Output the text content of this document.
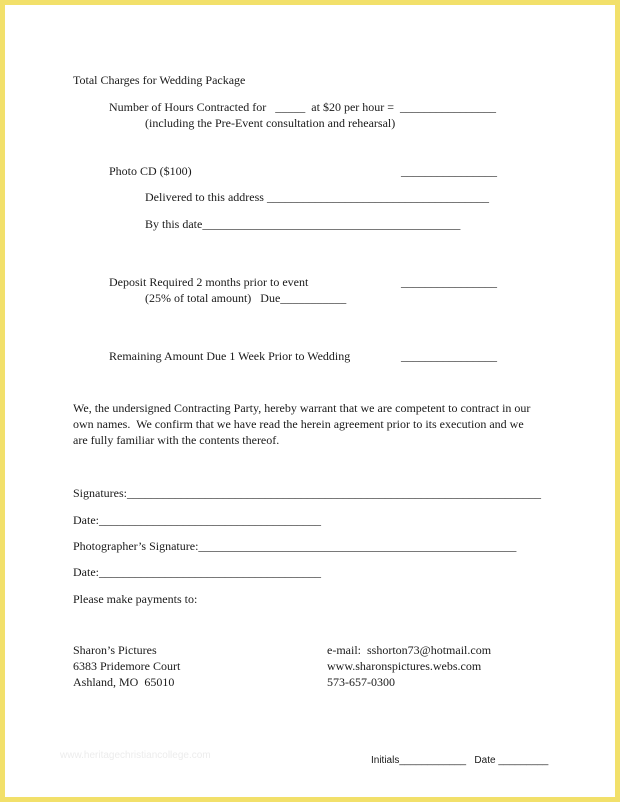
Total Charges for Wedding Package
Number of Hours Contracted for   _____  at $20 per hour =  ________________
(including the Pre-Event consultation and rehearsal)
Photo CD ($100)	________________
Delivered to this address _____________________________________
By this date___________________________________________
Deposit Required 2 months prior to event	________________
(25% of total amount)   Due___________
Remaining Amount Due 1 Week Prior to Wedding	________________
We, the undersigned Contracting Party, hereby warrant that we are competent to contract in our
own names.  We confirm that we have read the herein agreement prior to its execution and we
are fully familiar with the contents thereof.
Signatures:_____________________________________________________________________
Date:_____________________________________
Photographer’s Signature:_____________________________________________________
Date:_____________________________________
Please make payments to:
Sharon’s Pictures
6383 Pridemore Court
Ashland, MO  65010
e-mail:  sshorton73@hotmail.com
www.sharonspictures.webs.com
573-657-0300
www.heritagechristiancollege.com	Initials____________   Date _________
